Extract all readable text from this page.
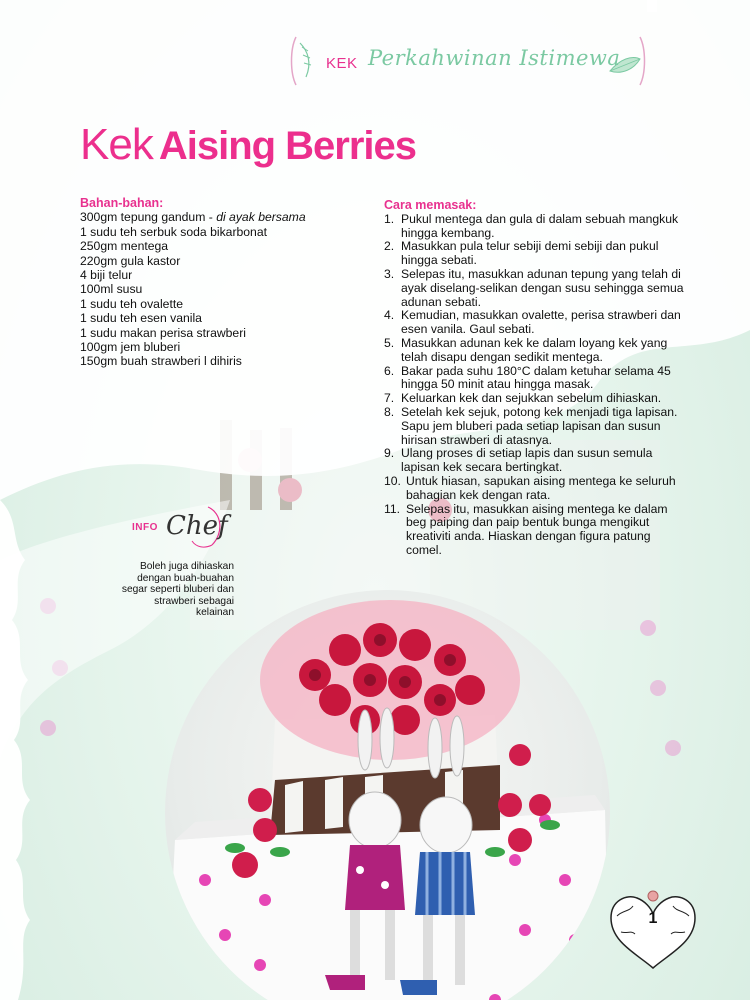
KEK Perkahwinan Istimewa
Kek Aising Berries
Bahan-bahan:
300gm tepung gandum - di ayak bersama
1 sudu teh serbuk soda bikarbonat
250gm mentega
220gm gula kastor
4 biji telur
100ml susu
1 sudu teh ovalette
1 sudu teh esen vanila
1 sudu makan perisa strawberi
100gm jem bluberi
150gm buah strawberi l dihiris
Cara memasak:
1. Pukul mentega dan gula di dalam sebuah mangkuk hingga kembang.
2. Masukkan pula telur sebiji demi sebiji dan pukul hingga sebati.
3. Selepas itu, masukkan adunan tepung yang telah di ayak diselang-selikan dengan susu sehingga semua adunan sebati.
4. Kemudian, masukkan ovalette, perisa strawberi dan esen vanila. Gaul sebati.
5. Masukkan adunan kek ke dalam loyang kek yang telah disapu dengan sedikit mentega.
6. Bakar pada suhu 180°C dalam ketuhar selama 45 hingga 50 minit atau hingga masak.
7. Keluarkan kek dan sejukkan sebelum dihiaskan.
8. Setelah kek sejuk, potong kek menjadi tiga lapisan. Sapu jem bluberi pada setiap lapisan dan susun hirisan strawberi di atasnya.
9. Ulang proses di setiap lapis dan susun semula lapisan kek secara bertingkat.
10. Untuk hiasan, sapukan aising mentega ke seluruh bahagian kek dengan rata.
11. Selepas itu, masukkan aising mentega ke dalam beg paiping dan paip bentuk bunga mengikut kreativiti anda. Hiaskan dengan figura patung comel.
INFO Chef
Boleh juga dihiaskan dengan buah-buahan segar seperti bluberi dan strawberi sebagai kelainan
1
